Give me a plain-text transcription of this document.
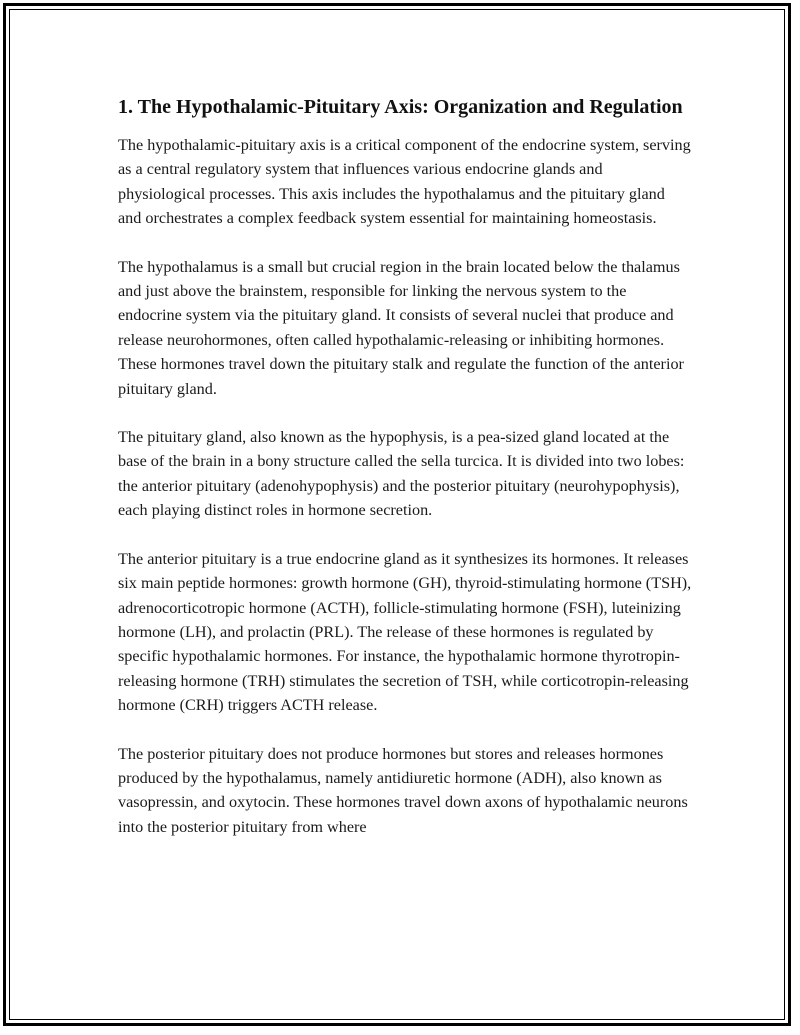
1. The Hypothalamic-Pituitary Axis: Organization and Regulation

The hypothalamic-pituitary axis is a critical component of the endocrine system, serving as a central regulatory system that influences various endocrine glands and physiological processes. This axis includes the hypothalamus and the pituitary gland and orchestrates a complex feedback system essential for maintaining homeostasis.

The hypothalamus is a small but crucial region in the brain located below the thalamus and just above the brainstem, responsible for linking the nervous system to the endocrine system via the pituitary gland. It consists of several nuclei that produce and release neurohormones, often called hypothalamic-releasing or inhibiting hormones. These hormones travel down the pituitary stalk and regulate the function of the anterior pituitary gland.

The pituitary gland, also known as the hypophysis, is a pea-sized gland located at the base of the brain in a bony structure called the sella turcica. It is divided into two lobes: the anterior pituitary (adenohypophysis) and the posterior pituitary (neurohypophysis), each playing distinct roles in hormone secretion.

The anterior pituitary is a true endocrine gland as it synthesizes its hormones. It releases six main peptide hormones: growth hormone (GH), thyroid-stimulating hormone (TSH), adrenocorticotropic hormone (ACTH), follicle-stimulating hormone (FSH), luteinizing hormone (LH), and prolactin (PRL). The release of these hormones is regulated by specific hypothalamic hormones. For instance, the hypothalamic hormone thyrotropin-releasing hormone (TRH) stimulates the secretion of TSH, while corticotropin-releasing hormone (CRH) triggers ACTH release.

The posterior pituitary does not produce hormones but stores and releases hormones produced by the hypothalamus, namely antidiuretic hormone (ADH), also known as vasopressin, and oxytocin. These hormones travel down axons of hypothalamic neurons into the posterior pituitary from where
